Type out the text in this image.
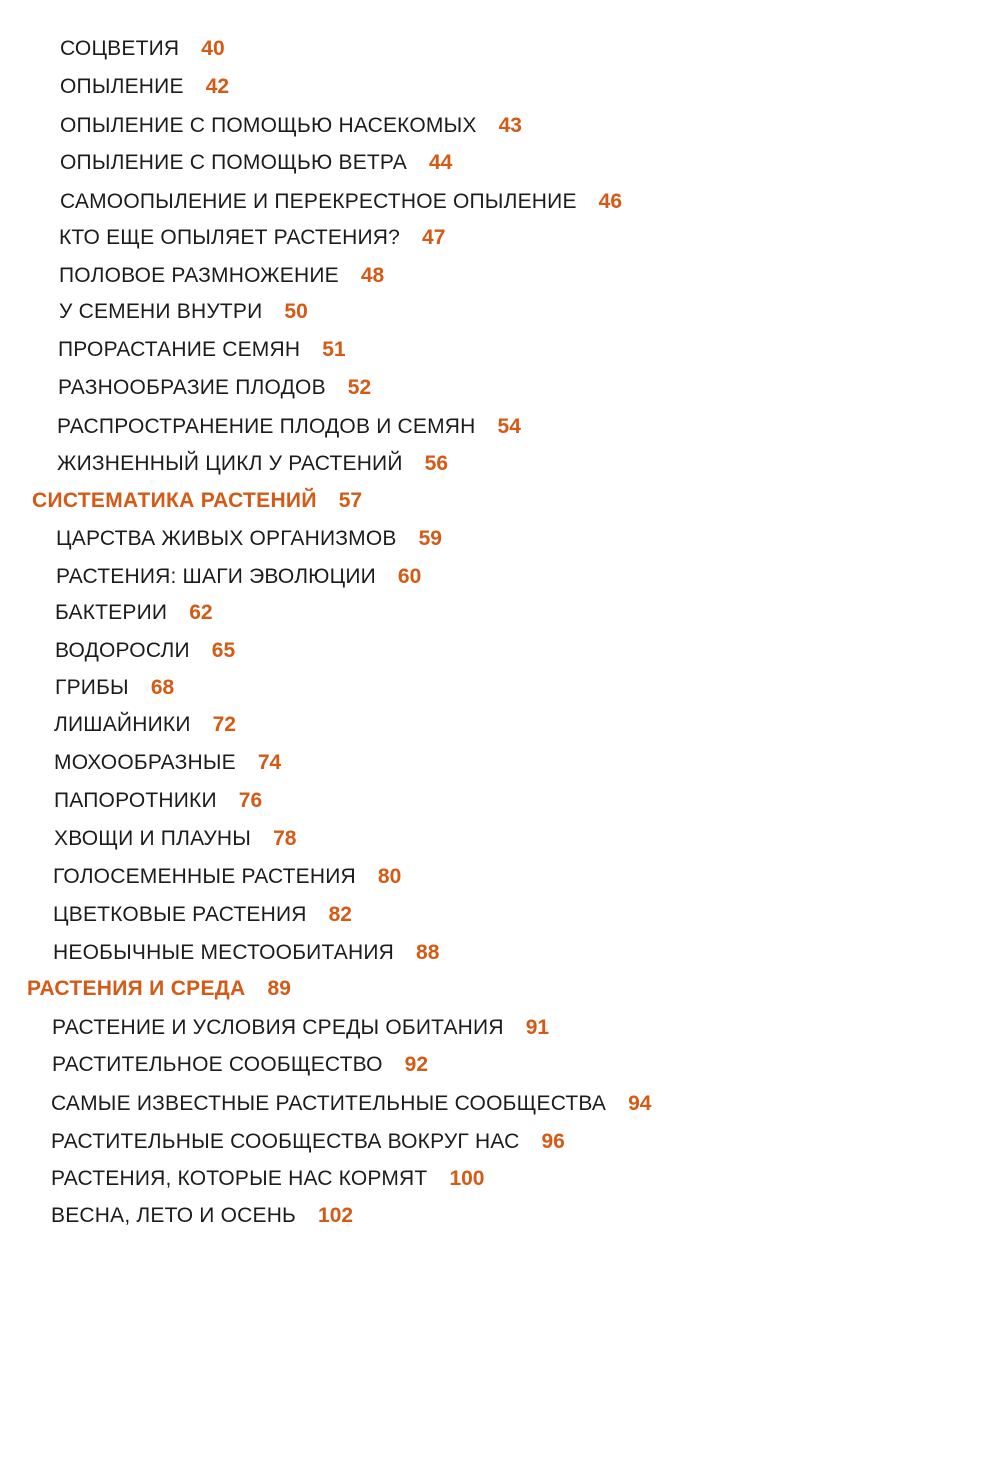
СОЦВЕТИЯ 40
ОПЫЛЕНИЕ 42
ОПЫЛЕНИЕ С ПОМОЩЬЮ НАСЕКОМЫХ 43
ОПЫЛЕНИЕ С ПОМОЩЬЮ ВЕТРА 44
САМООПЫЛЕНИЕ И ПЕРЕКРЕСТНОЕ ОПЫЛЕНИЕ 46
КТО ЕЩЕ ОПЫЛЯЕТ РАСТЕНИЯ? 47
ПОЛОВОЕ РАЗМНОЖЕНИЕ 48
У СЕМЕНИ ВНУТРИ 50
ПРОРАСТАНИЕ СЕМЯН 51
РАЗНООБРАЗИЕ ПЛОДОВ 52
РАСПРОСТРАНЕНИЕ ПЛОДОВ И СЕМЯН 54
ЖИЗНЕННЫЙ ЦИКЛ У РАСТЕНИЙ 56
СИСТЕМАТИКА РАСТЕНИЙ 57
ЦАРСТВА ЖИВЫХ ОРГАНИЗМОВ 59
РАСТЕНИЯ: ШАГИ ЭВОЛЮЦИИ 60
БАКТЕРИИ 62
ВОДОРОСЛИ 65
ГРИБЫ 68
ЛИШАЙНИКИ 72
МОХООБРАЗНЫЕ 74
ПАПОРОТНИКИ 76
ХВОЩИ И ПЛАУНЫ 78
ГОЛОСЕМЕННЫЕ РАСТЕНИЯ 80
ЦВЕТКОВЫЕ РАСТЕНИЯ 82
НЕОБЫЧНЫЕ МЕСТООБИТАНИЯ 88
РАСТЕНИЯ И СРЕДА 89
РАСТЕНИЕ И УСЛОВИЯ СРЕДЫ ОБИТАНИЯ 91
РАСТИТЕЛЬНОЕ СООБЩЕСТВО 92
САМЫЕ ИЗВЕСТНЫЕ РАСТИТЕЛЬНЫЕ СООБЩЕСТВА 94
РАСТИТЕЛЬНЫЕ СООБЩЕСТВА ВОКРУГ НАС 96
РАСТЕНИЯ, КОТОРЫЕ НАС КОРМЯТ 100
ВЕСНА, ЛЕТО И ОСЕНЬ 102
